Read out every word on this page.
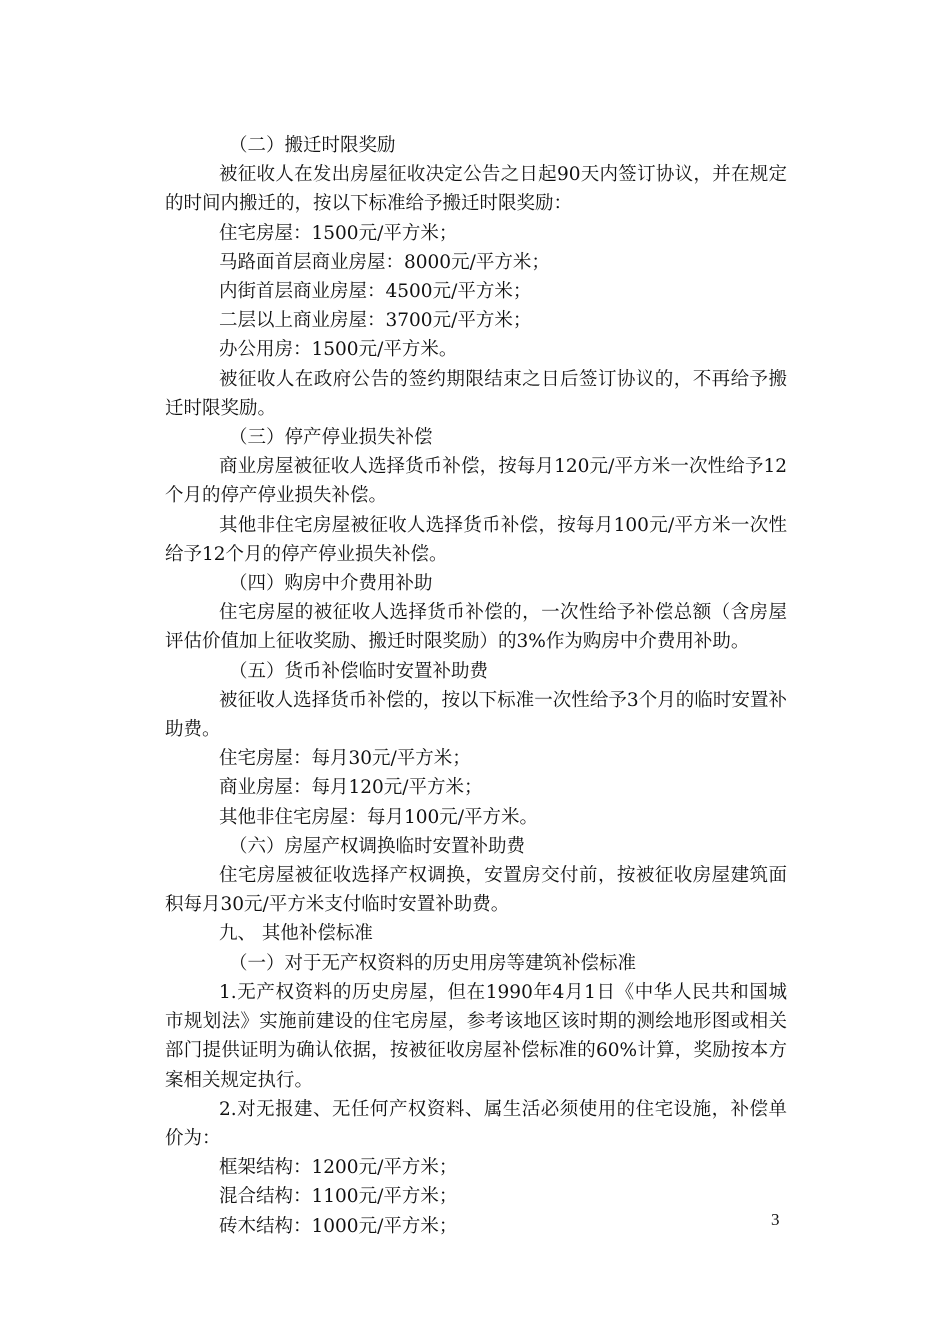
（二）搬迁时限奖励

被征收人在发出房屋征收决定公告之日起90天内签订协议，并在规定的时间内搬迁的，按以下标准给予搬迁时限奖励：

住宅房屋：1500元/平方米；

马路面首层商业房屋：8000元/平方米；

内街首层商业房屋：4500元/平方米；

二层以上商业房屋：3700元/平方米；

办公用房：1500元/平方米。

被征收人在政府公告的签约期限结束之日后签订协议的，不再给予搬迁时限奖励。

（三）停产停业损失补偿

商业房屋被征收人选择货币补偿，按每月120元/平方米一次性给予12个月的停产停业损失补偿。

其他非住宅房屋被征收人选择货币补偿，按每月100元/平方米一次性给予12个月的停产停业损失补偿。

（四）购房中介费用补助

住宅房屋的被征收人选择货币补偿的，一次性给予补偿总额（含房屋评估价值加上征收奖励、搬迁时限奖励）的3%作为购房中介费用补助。

（五）货币补偿临时安置补助费

被征收人选择货币补偿的，按以下标准一次性给予3个月的临时安置补助费。

住宅房屋：每月30元/平方米；

商业房屋：每月120元/平方米；

其他非住宅房屋：每月100元/平方米。

（六）房屋产权调换临时安置补助费

住宅房屋被征收选择产权调换，安置房交付前，按被征收房屋建筑面积每月30元/平方米支付临时安置补助费。

九、 其他补偿标准

（一）对于无产权资料的历史用房等建筑补偿标准

1.无产权资料的历史房屋，但在1990年4月1日《中华人民共和国城市规划法》实施前建设的住宅房屋，参考该地区该时期的测绘地形图或相关部门提供证明为确认依据，按被征收房屋补偿标准的60%计算，奖励按本方案相关规定执行。

2.对无报建、无任何产权资料、属生活必须使用的住宅设施，补偿单价为：

框架结构：1200元/平方米；

混合结构：1100元/平方米；

砖木结构：1000元/平方米；	3
